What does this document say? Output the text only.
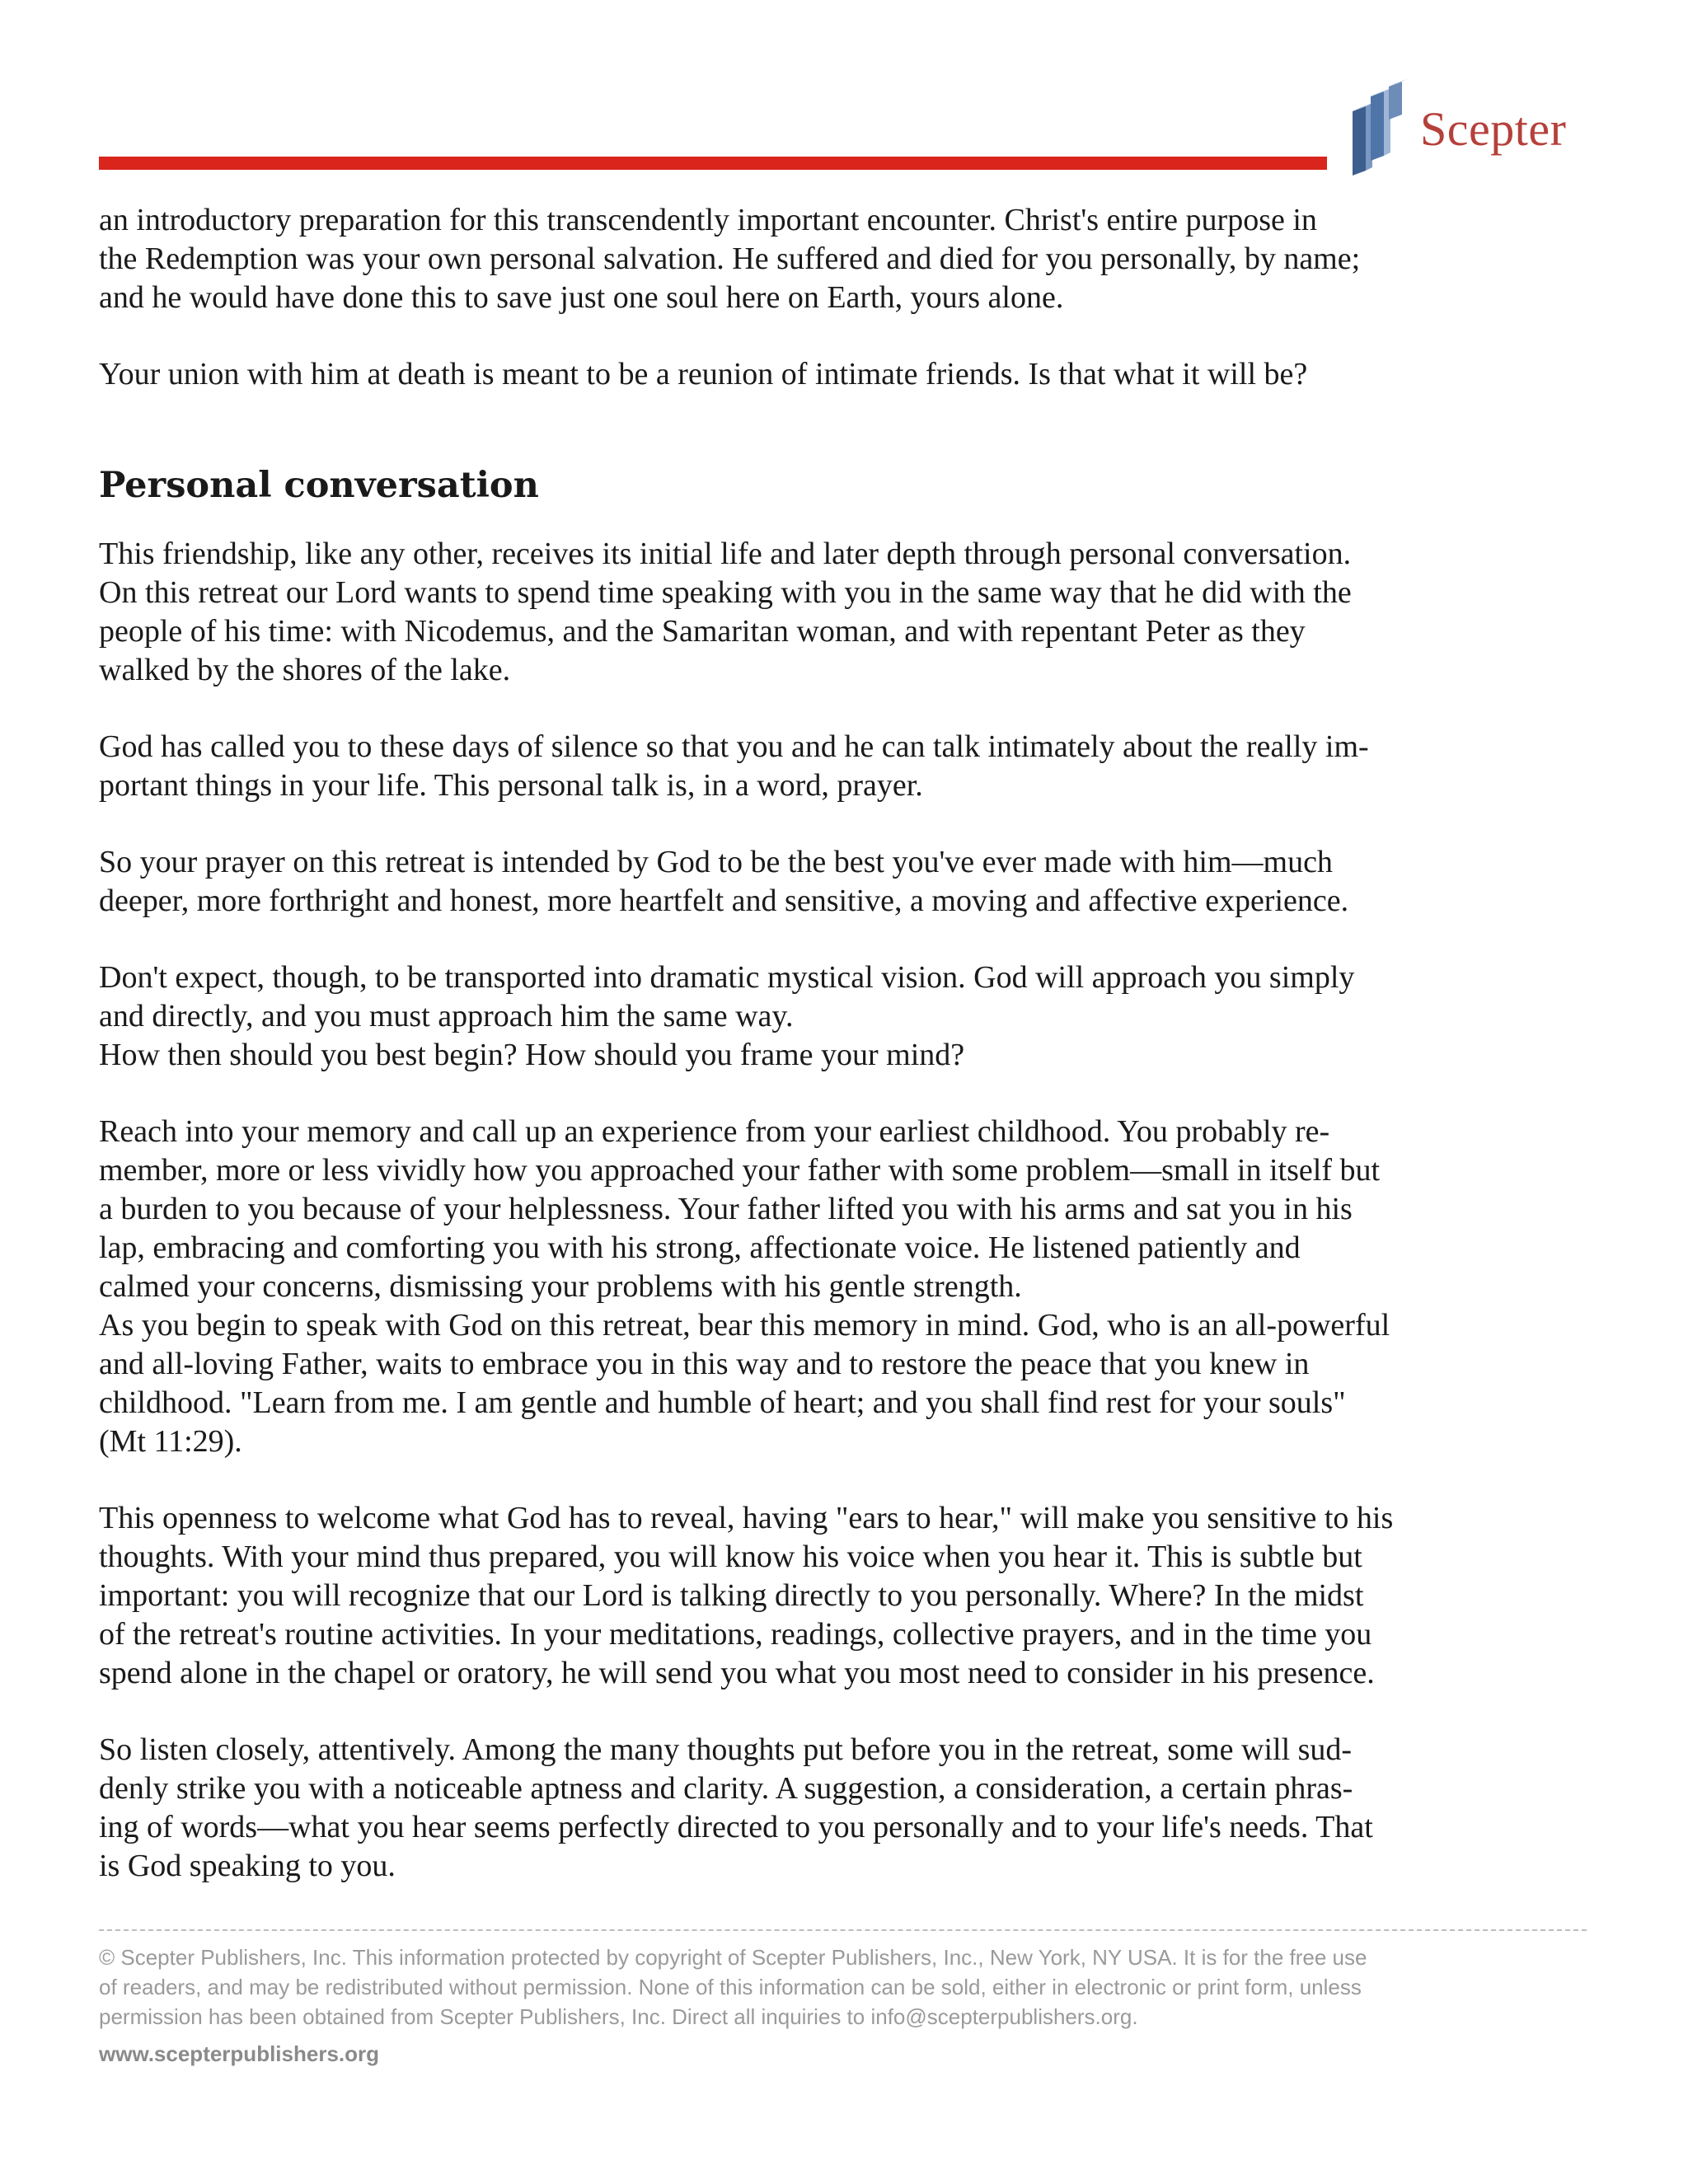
Scepter

an introductory preparation for this transcendently important encounter. Christ's entire purpose in
the Redemption was your own personal salvation. He suffered and died for you personally, by name;
and he would have done this to save just one soul here on Earth, yours alone.

Your union with him at death is meant to be a reunion of intimate friends. Is that what it will be?

Personal conversation

This friendship, like any other, receives its initial life and later depth through personal conversation.
On this retreat our Lord wants to spend time speaking with you in the same way that he did with the
people of his time: with Nicodemus, and the Samaritan woman, and with repentant Peter as they
walked by the shores of the lake.

God has called you to these days of silence so that you and he can talk intimately about the really im-
portant things in your life. This personal talk is, in a word, prayer.

So your prayer on this retreat is intended by God to be the best you've ever made with him—much
deeper, more forthright and honest, more heartfelt and sensitive, a moving and affective experience.

Don't expect, though, to be transported into dramatic mystical vision. God will approach you simply
and directly, and you must approach him the same way.
How then should you best begin? How should you frame your mind?

Reach into your memory and call up an experience from your earliest childhood. You probably re-
member, more or less vividly how you approached your father with some problem—small in itself but
a burden to you because of your helplessness. Your father lifted you with his arms and sat you in his
lap, embracing and comforting you with his strong, affectionate voice. He listened patiently and
calmed your concerns, dismissing your problems with his gentle strength.
As you begin to speak with God on this retreat, bear this memory in mind. God, who is an all-powerful
and all-loving Father, waits to embrace you in this way and to restore the peace that you knew in
childhood. "Learn from me. I am gentle and humble of heart; and you shall find rest for your souls"
(Mt 11:29).

This openness to welcome what God has to reveal, having "ears to hear," will make you sensitive to his
thoughts. With your mind thus prepared, you will know his voice when you hear it. This is subtle but
important: you will recognize that our Lord is talking directly to you personally. Where? In the midst
of the retreat's routine activities. In your meditations, readings, collective prayers, and in the time you
spend alone in the chapel or oratory, he will send you what you most need to consider in his presence.

So listen closely, attentively. Among the many thoughts put before you in the retreat, some will sud-
denly strike you with a noticeable aptness and clarity. A suggestion, a consideration, a certain phras-
ing of words—what you hear seems perfectly directed to you personally and to your life's needs. That
is God speaking to you.

© Scepter Publishers, Inc. This information protected by copyright of Scepter Publishers, Inc., New York, NY USA. It is for the free use
of readers, and may be redistributed without permission. None of this information can be sold, either in electronic or print form, unless
permission has been obtained from Scepter Publishers, Inc. Direct all inquiries to info@scepterpublishers.org.

www.scepterpublishers.org
